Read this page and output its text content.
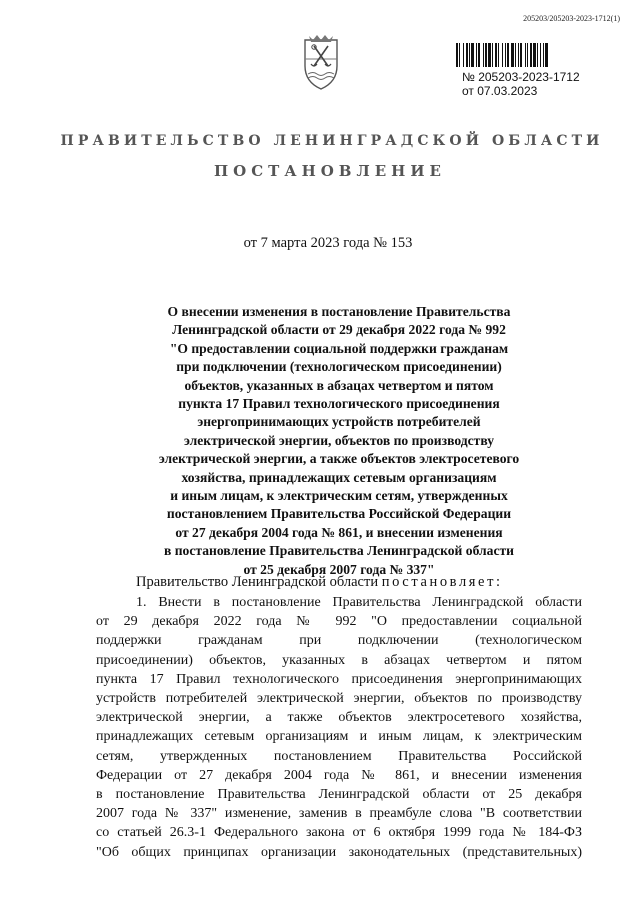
205203/205203-2023-1712(1)
№ 205203-2023-1712
от 07.03.2023
ПРАВИТЕЛЬСТВО ЛЕНИНГРАДСКОЙ ОБЛАСТИ
ПОСТАНОВЛЕНИЕ
от 7 марта 2023 года № 153
О внесении изменения в постановление Правительства
Ленинградской области от 29 декабря 2022 года № 992
"О предоставлении социальной поддержки гражданам
при подключении (технологическом присоединении)
объектов, указанных в абзацах четвертом и пятом
пункта 17 Правил технологического присоединения
энергопринимающих устройств потребителей
электрической энергии, объектов по производству
электрической энергии, а также объектов электросетевого
хозяйства, принадлежащих сетевым организациям
и иным лицам, к электрическим сетям, утвержденных
постановлением Правительства Российской Федерации
от 27 декабря 2004 года № 861, и внесении изменения
в постановление Правительства Ленинградской области
от 25 декабря 2007 года № 337"
Правительство Ленинградской области постановляет:
1. Внести в постановление Правительства Ленинградской области
от 29 декабря 2022 года № 992 "О предоставлении социальной
поддержки гражданам при подключении (технологическом
присоединении) объектов, указанных в абзацах четвертом и пятом
пункта 17 Правил технологического присоединения энергопринимающих
устройств потребителей электрической энергии, объектов по производству
электрической энергии, а также объектов электросетевого хозяйства,
принадлежащих сетевым организациям и иным лицам, к электрическим
сетям, утвержденных постановлением Правительства Российской
Федерации от 27 декабря 2004 года № 861, и внесении изменения
в постановление Правительства Ленинградской области от 25 декабря
2007 года № 337" изменение, заменив в преамбуле слова "В соответствии
со статьей 26.3-1 Федерального закона от 6 октября 1999 года № 184-ФЗ
"Об общих принципах организации законодательных (представительных)
